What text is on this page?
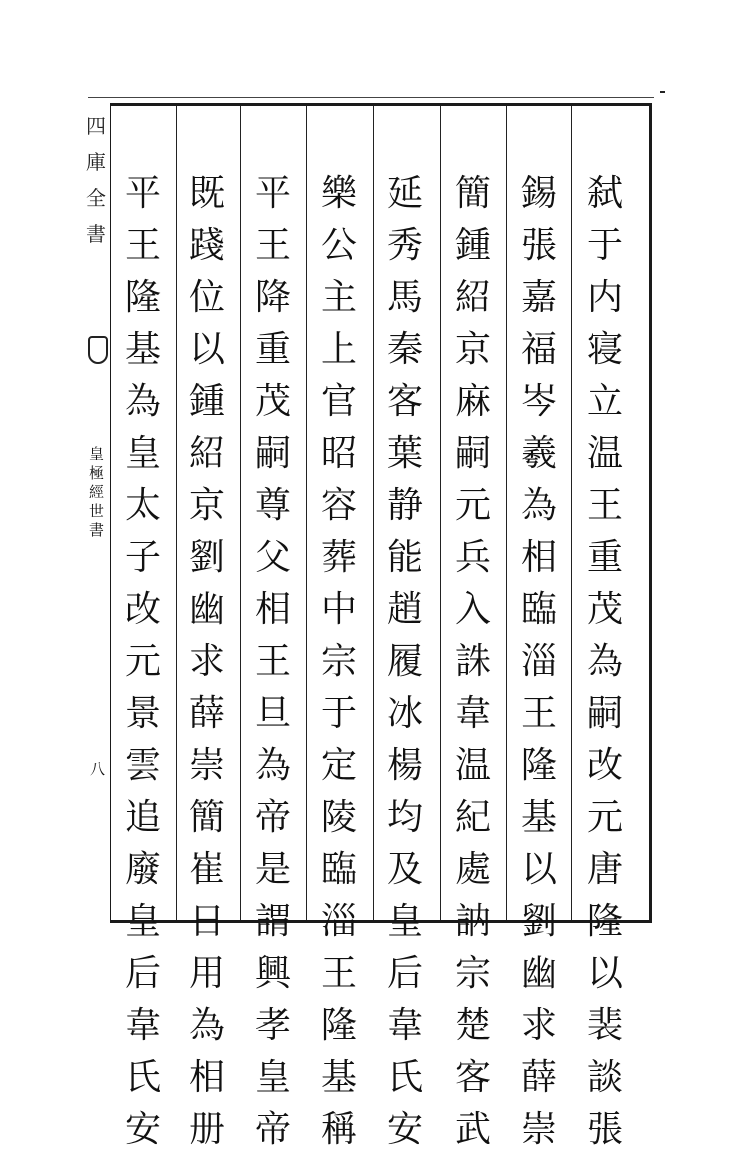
四
庫
全
書
皇
極
經
世
書
八
弑
于
内
寝
立
温
王
重
茂
為
嗣
改
元
唐
隆
以
裴
談
張
錫
張
嘉
福
岑
羲
為
相
臨
淄
王
隆
基
以
劉
幽
求
薛
崇
簡
鍾
紹
京
麻
嗣
元
兵
入
誅
韋
温
紀
處
訥
宗
楚
客
武
延
秀
馬
秦
客
葉
静
能
趙
履
冰
楊
均
及
皇
后
韋
氏
安
樂
公
主
上
官
昭
容
葬
中
宗
于
定
陵
臨
淄
王
隆
基
稱
平
王
降
重
茂
嗣
尊
父
相
王
旦
為
帝
是
謂
興
孝
皇
帝
既
踐
位
以
鍾
紹
京
劉
幽
求
薛
崇
簡
崔
日
用
為
相
册
平
王
隆
基
為
皇
太
子
改
元
景
雲
追
廢
皇
后
韋
氏
安
